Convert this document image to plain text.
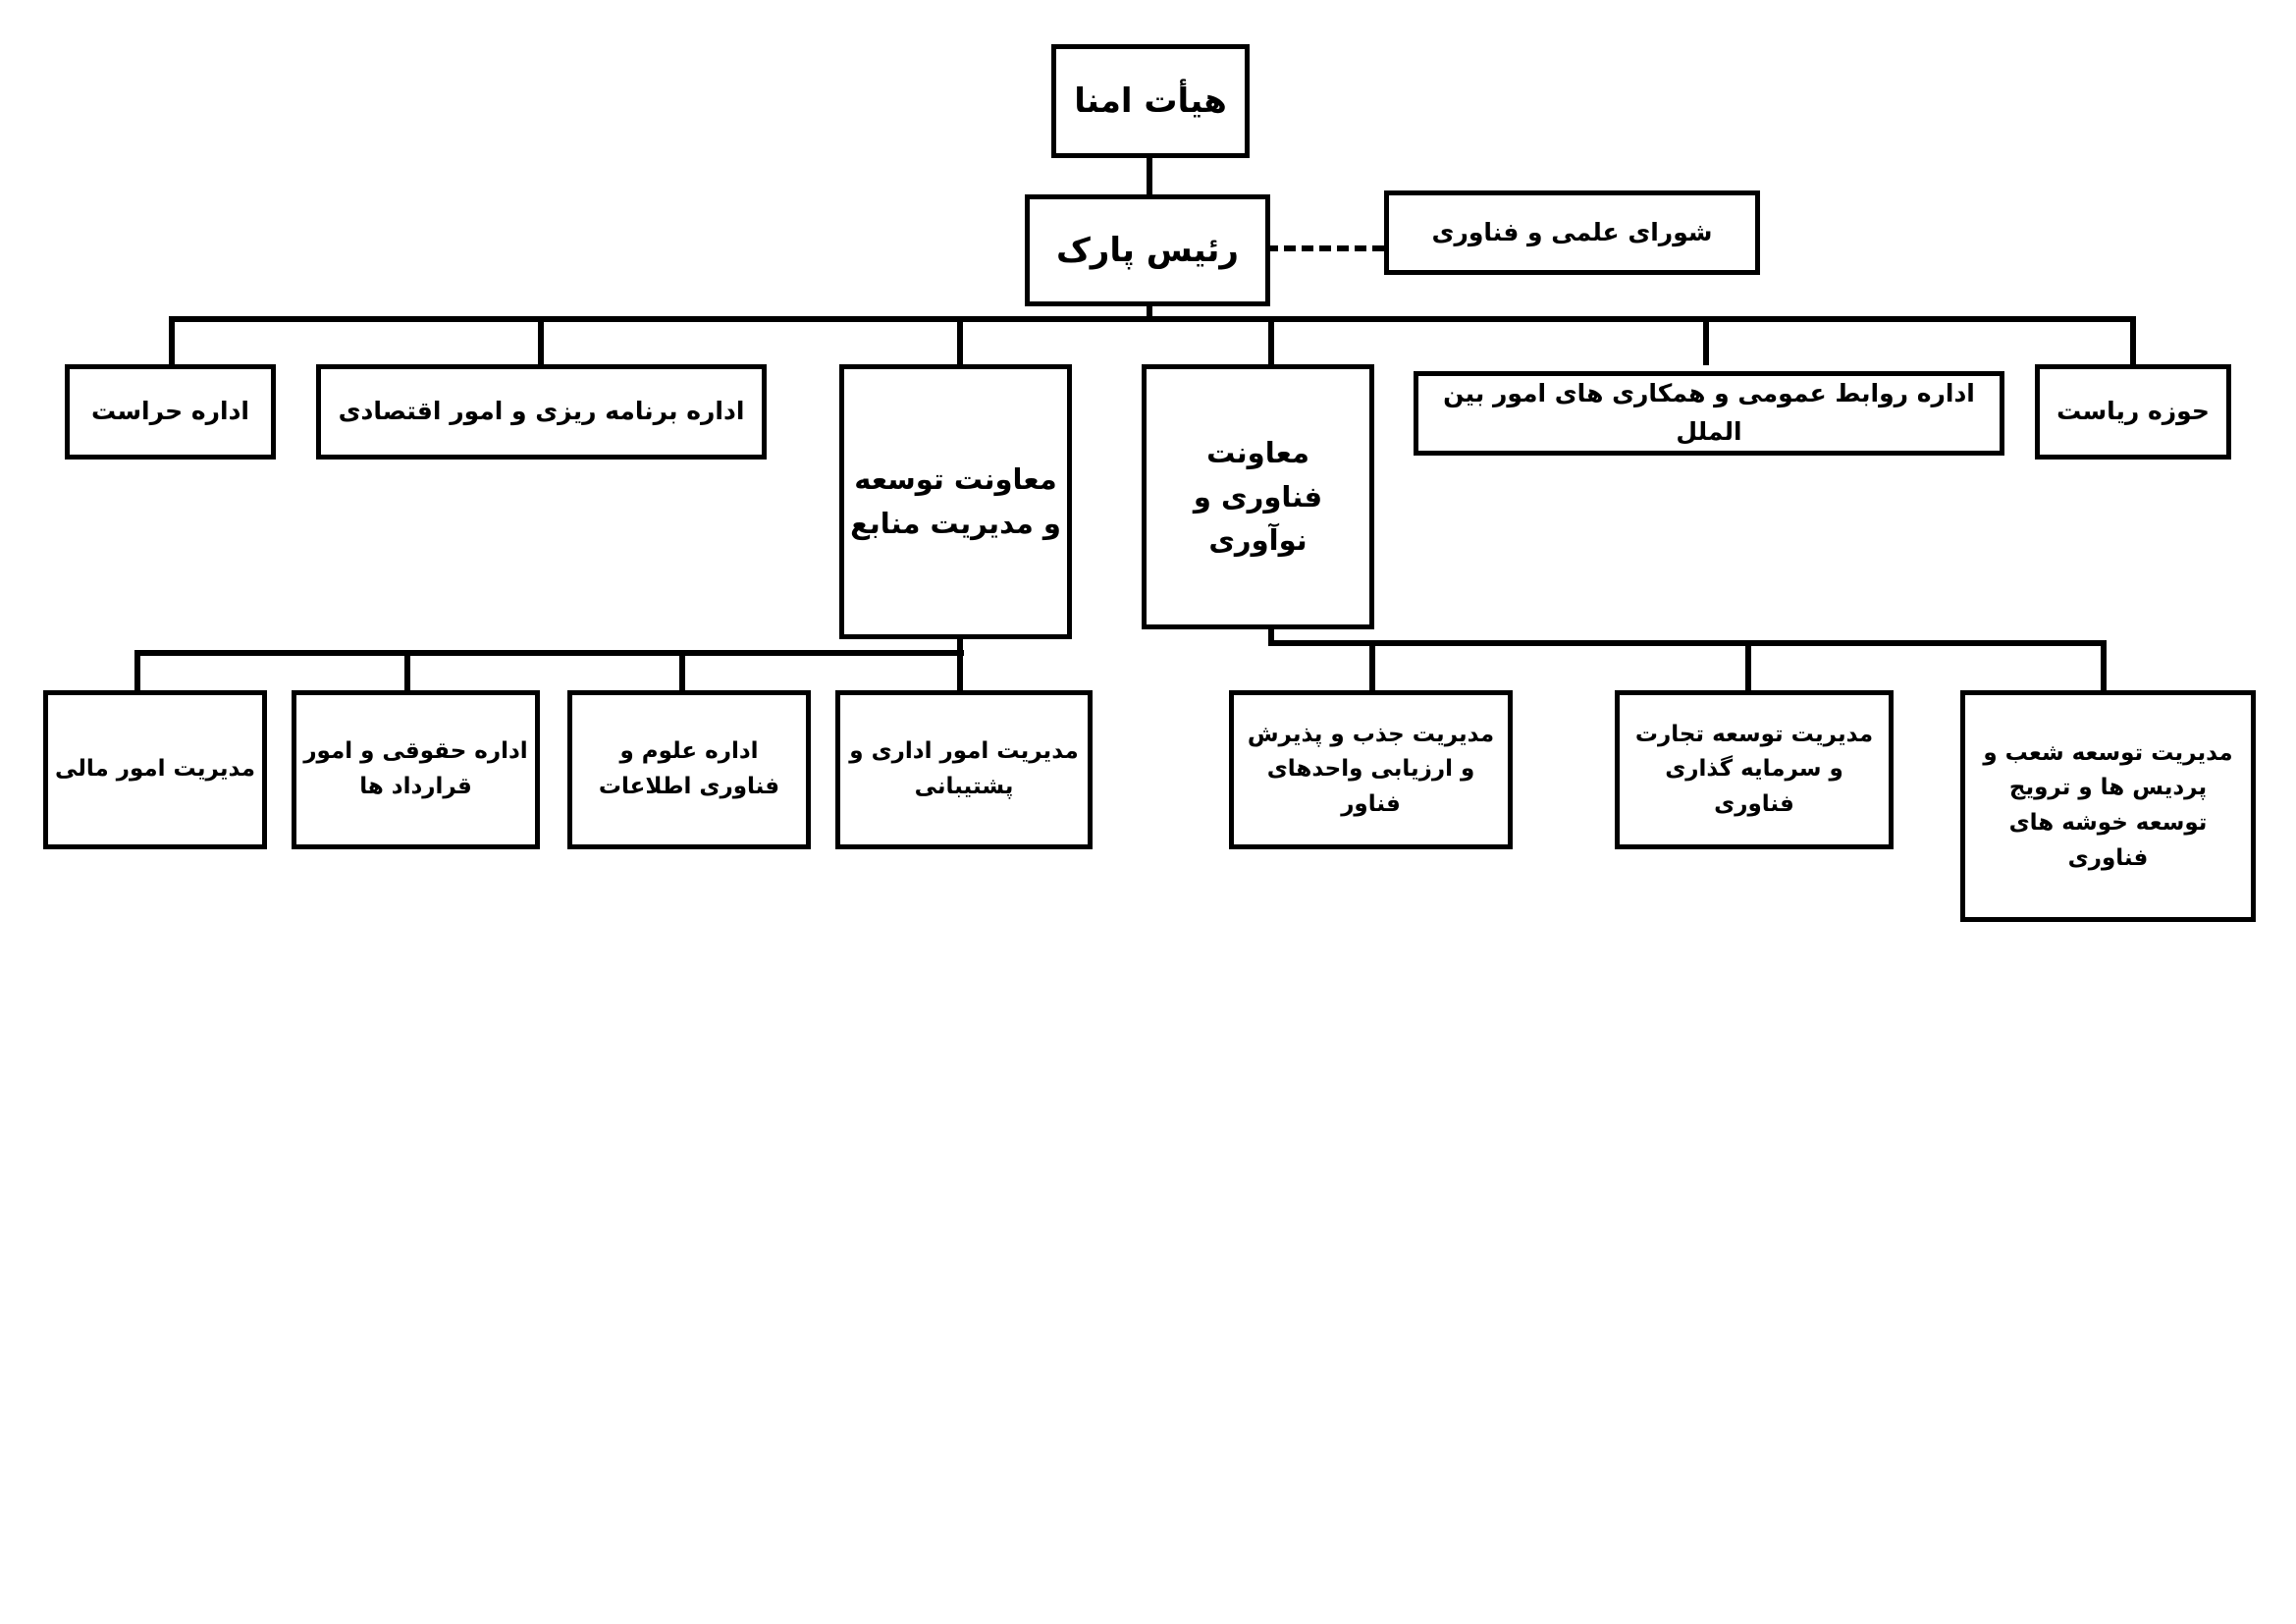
هیأت امنا
رئیس پارک	شورای علمی و فناوری
اداره حراست	اداره برنامه ریزی و امور اقتصادی
معاونت توسعه و مدیریت منابع
معاونت فناوری و نوآوری
اداره روابط عمومی و همکاری های امور بین الملل
حوزه ریاست
مدیریت امور مالی
اداره حقوقی و امور قرارداد ها
اداره علوم و فناوری اطلاعات
مدیریت امور اداری و پشتیبانی
مدیریت جذب و پذیرش و ارزیابی واحدهای فناور
مدیریت توسعه تجارت و سرمایه گذاری فناوری
مدیریت توسعه شعب و پردیس ها و ترویج توسعه خوشه های فناوری
